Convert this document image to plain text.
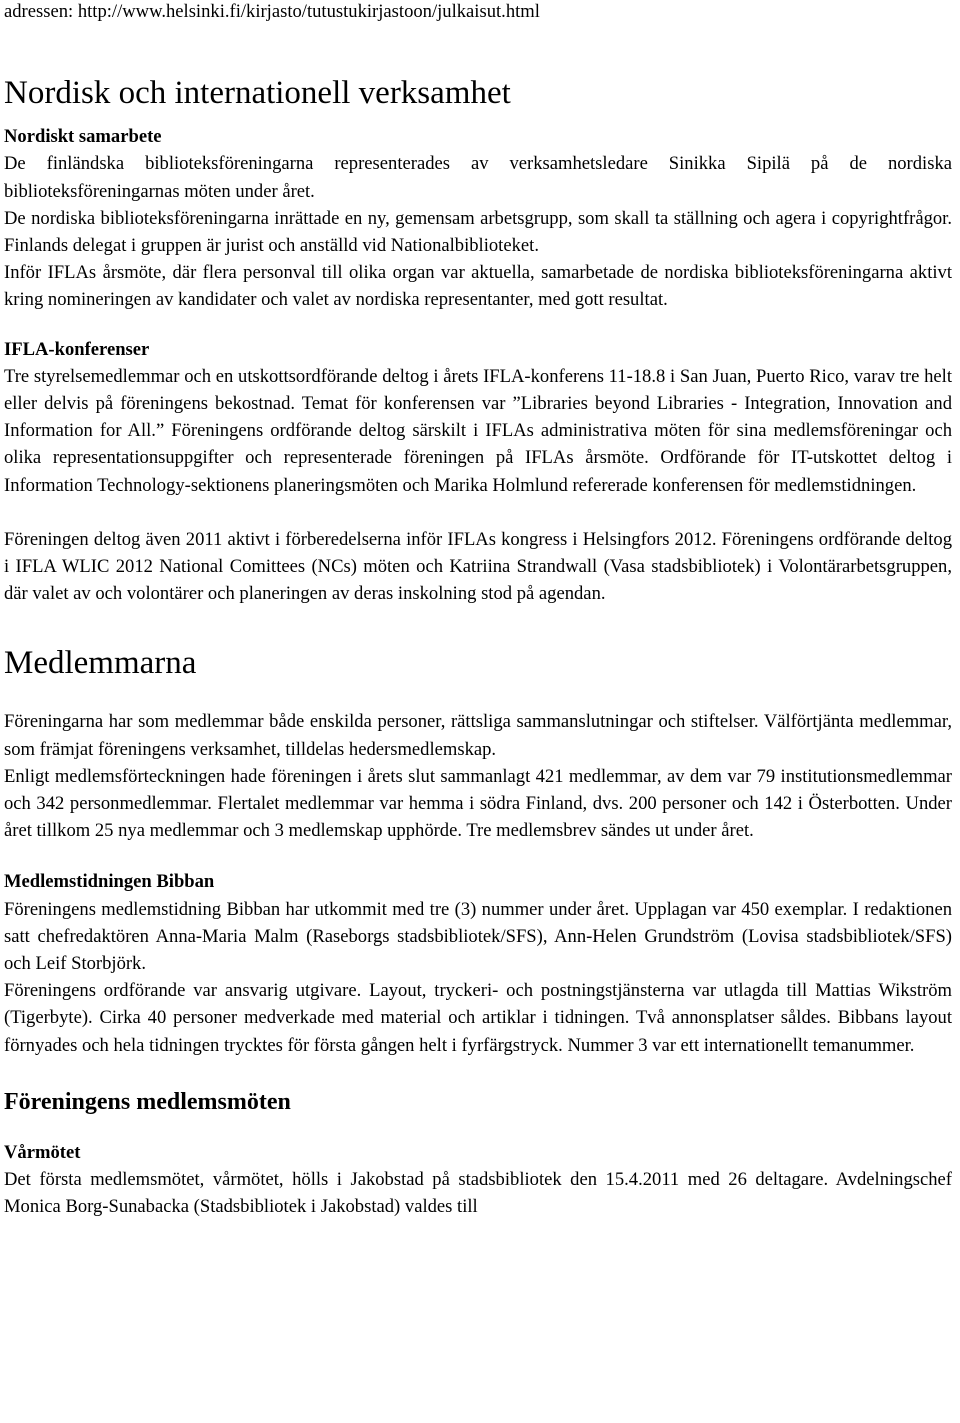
adressen: http://www.helsinki.fi/kirjasto/tutustukirjastoon/julkaisut.html

Nordisk och internationell verksamhet
Nordiskt samarbete

De finländska biblioteksföreningarna representerades av verksamhetsledare Sinikka Sipilä på de nordiska biblioteksföreningarnas möten under året.

De nordiska biblioteksföreningarna inrättade en ny, gemensam arbetsgrupp, som skall ta ställning och agera i copyrightfrågor. Finlands delegat i gruppen är jurist och anställd vid Nationalbiblioteket.

Inför IFLAs årsmöte, där flera personval till olika organ var aktuella, samarbetade de nordiska biblioteksföreningarna aktivt kring nomineringen av kandidater och valet av nordiska representanter, med gott resultat.

IFLA-konferenser

Tre styrelsemedlemmar och en utskottsordförande deltog i årets IFLA-konferens 11-18.8 i San Juan, Puerto Rico, varav tre helt eller delvis på föreningens bekostnad. Temat för konferensen var ”Libraries beyond Libraries - Integration, Innovation and Information for All.” Föreningens ordförande deltog särskilt i IFLAs administrativa möten för sina medlemsföreningar och olika representationsuppgifter och representerade föreningen på IFLAs årsmöte. Ordförande för IT-utskottet deltog i Information Technology-sektionens planeringsmöten och Marika Holmlund refererade konferensen för medlemstidningen.

Föreningen deltog även 2011 aktivt i förberedelserna inför IFLAs kongress i Helsingfors 2012. Föreningens ordförande deltog i IFLA WLIC 2012 National Comittees (NCs) möten och Katriina Strandwall (Vasa stadsbibliotek) i Volontärarbetsgruppen, där valet av och volontärer och planeringen av deras inskolning stod på agendan.

Medlemmarna

Föreningarna har som medlemmar både enskilda personer, rättsliga sammanslutningar och stiftelser. Välförtjänta medlemmar, som främjat föreningens verksamhet, tilldelas hedersmedlemskap.

Enligt medlemsförteckningen hade föreningen i årets slut sammanlagt 421 medlemmar, av dem var 79 institutionsmedlemmar och 342 personmedlemmar. Flertalet medlemmar var hemma i södra Finland, dvs. 200 personer och 142 i Österbotten. Under året tillkom 25 nya medlemmar och 3 medlemskap upphörde. Tre medlemsbrev sändes ut under året.

Medlemstidningen Bibban

Föreningens medlemstidning Bibban har utkommit med tre (3) nummer under året. Upplagan var 450 exemplar. I redaktionen satt chefredaktören Anna-Maria Malm (Raseborgs stadsbibliotek/SFS), Ann-Helen Grundström (Lovisa stadsbibliotek/SFS) och Leif Storbjörk.

Föreningens ordförande var ansvarig utgivare. Layout, tryckeri- och postningstjänsterna var utlagda till Mattias Wikström (Tigerbyte). Cirka 40 personer medverkade med material och artiklar i tidningen. Två annonsplatser såldes. Bibbans layout förnyades och hela tidningen trycktes för första gången helt i fyrfärgstryck. Nummer 3 var ett internationellt temanummer.

Föreningens medlemsmöten
Vårmötet

Det första medlemsmötet, vårmötet, hölls i Jakobstad på stadsbibliotek den 15.4.2011 med 26 deltagare. Avdelningschef Monica Borg-Sunabacka (Stadsbibliotek i Jakobstad) valdes till
